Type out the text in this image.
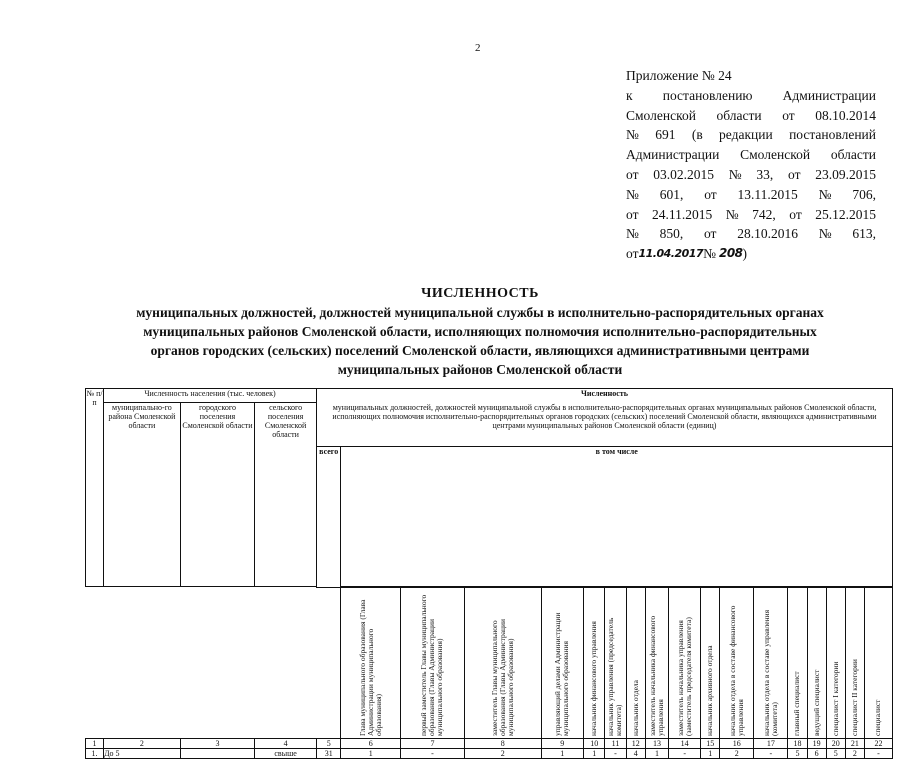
2
Приложение № 24
к постановлению Администрации
Смоленской области от 08.10.2014
№ 691 (в редакции постановлений
Администрации Смоленской области
от 03.02.2015 № 33, от 23.09.2015
№ 601, от 13.11.2015 № 706,
от 24.11.2015 № 742, от 25.12.2015
№ 850, от 28.10.2016 № 613,
от 11.04.2017 № 208 )
ЧИСЛЕННОСТЬ
муниципальных должностей, должностей муниципальной службы в исполнительно-распорядительных органах
муниципальных районов Смоленской области, исполняющих полномочия исполнительно-распорядительных
органов городских (сельских) поселений Смоленской области, являющихся административными центрами
муниципальных районов Смоленской области
№ п/п	Численность населения (тыс. человек)			Численность																	
	муниципально-го района Смоленской области	городского поселения Смоленской области	сельского поселения Смоленской области	муниципальных должностей, должностей муниципальной службы в исполнительно-распорядительных органах муниципальных районов Смоленской области, исполняющих полномочия исполнительно-распорядительных органов городских (сельских) поселений Смоленской области, являющихся административными центрами муниципальных районов Смоленской области (единиц)																	
				всего	в том числе																

					Глава муниципального образования (Глава Администрации муниципального образования)	первый заместитель Главы муниципального образования (Главы Администрации муниципального образования)	заместитель Главы муниципального образования (Главы Администрации муниципального образования)	управляющий делами Администрации муниципального образования	начальник финансового управления	начальник управления (председатель комитета)	начальник отдела	заместитель начальника финансового управления	заместитель начальника управления (заместитель председателя комитета)	начальник архивного отдела	начальник отдела в составе финансового управления	начальник отдела в составе управления (комитета)	главный специалист	ведущий специалист	специалист I категории	специалист II категории	специалист
1	2	3	4	5	6	7	8	9	10	11	12	13	14	15	16	17	18	19	20	21	22
1.	До 5		свыше	31	1	-	2	1	1	-	4	1	-	1	2	-	5	6	5	2	-
